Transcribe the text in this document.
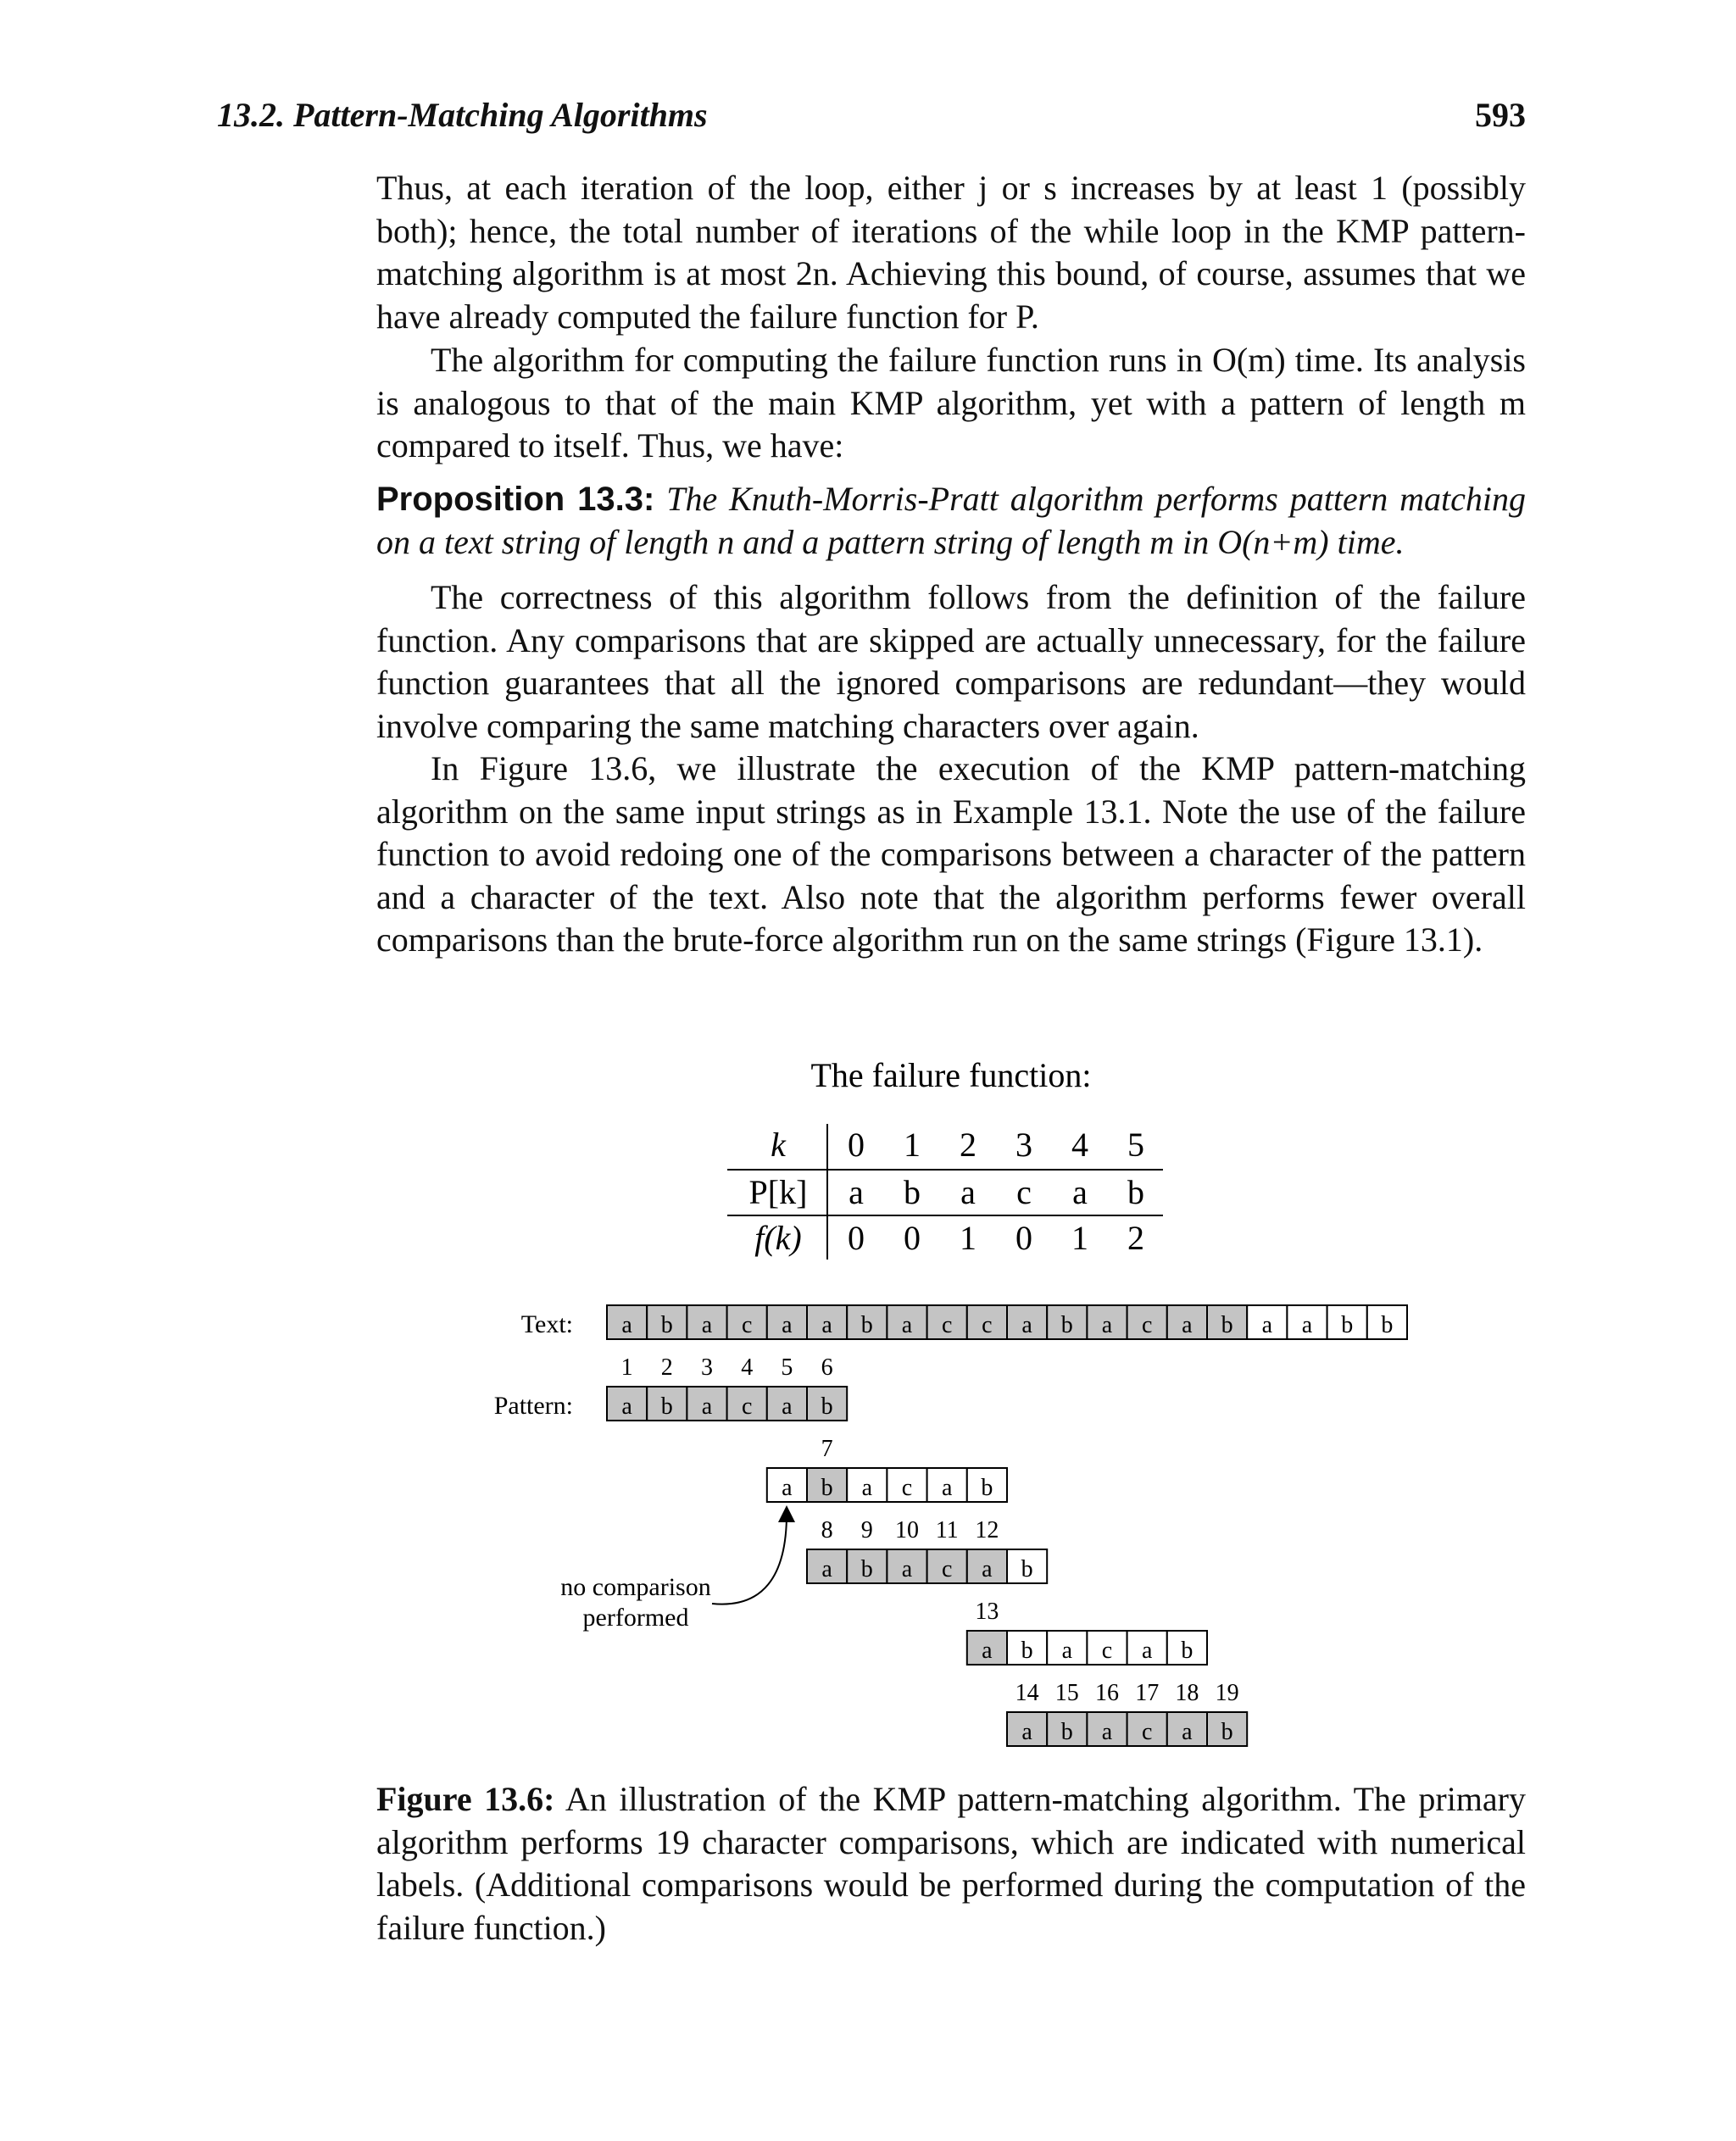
13.2. Pattern-Matching Algorithms	593

Thus, at each iteration of the loop, either j or s increases by at least 1 (possibly both); hence, the total number of iterations of the while loop in the KMP pattern-matching algorithm is at most 2n. Achieving this bound, of course, assumes that we have already computed the failure function for P.

The algorithm for computing the failure function runs in O(m) time. Its analysis is analogous to that of the main KMP algorithm, yet with a pattern of length m compared to itself. Thus, we have:

Proposition 13.3: The Knuth-Morris-Pratt algorithm performs pattern matching on a text string of length n and a pattern string of length m in O(n+m) time.

The correctness of this algorithm follows from the definition of the failure function. Any comparisons that are skipped are actually unnecessary, for the failure function guarantees that all the ignored comparisons are redundant—they would involve comparing the same matching characters over again.

In Figure 13.6, we illustrate the execution of the KMP pattern-matching algorithm on the same input strings as in Example 13.1. Note the use of the failure function to avoid redoing one of the comparisons between a character of the pattern and a character of the text. Also note that the algorithm performs fewer overall comparisons than the brute-force algorithm run on the same strings (Figure 13.1).

The failure function:
k 0 1 2 3 4 5
P[k] a b a c a b
f(k) 0 0 1 0 1 2
Text: a b a c a a b a c c a b a c a b a a b b
Pattern:
1 2 3 4 5 6
a b a c a b
7
a b a c a b
8 9 10 11 12
a b a c a b
13
a b a c a b
14 15 16 17 18 19
a b a c a b
no comparison
performed

Figure 13.6: An illustration of the KMP pattern-matching algorithm. The primary algorithm performs 19 character comparisons, which are indicated with numerical labels. (Additional comparisons would be performed during the computation of the failure function.)
